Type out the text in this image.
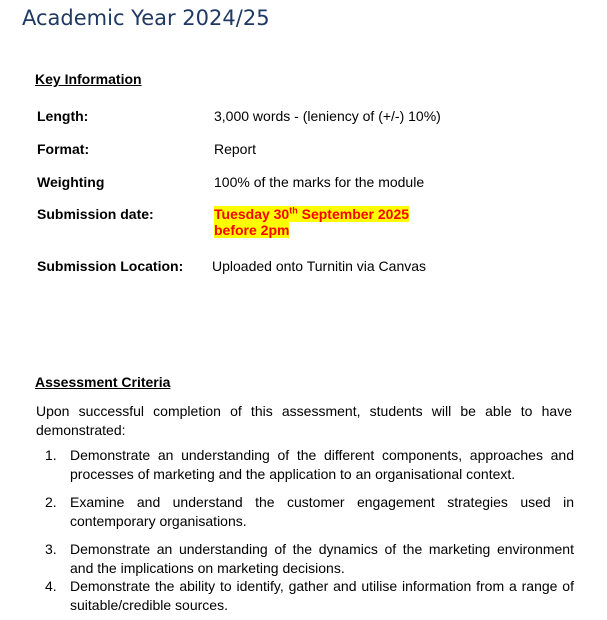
Academic Year 2024/25
Key Information
Length:	3,000 words - (leniency of (+/-) 10%)
Format:	Report
Weighting	100% of the marks for the module
Submission date:	Tuesday 30th September 2025
before 2pm
Submission Location: Uploaded onto Turnitin via Canvas
Assessment Criteria
Upon successful completion of this assessment, students will be able to have demonstrated:
1. Demonstrate an understanding of the different components, approaches and processes of marketing and the application to an organisational context.
2. Examine and understand the customer engagement strategies used in contemporary organisations.
3. Demonstrate an understanding of the dynamics of the marketing environment and the implications on marketing decisions.
4. Demonstrate the ability to identify, gather and utilise information from a range of suitable/credible sources.
